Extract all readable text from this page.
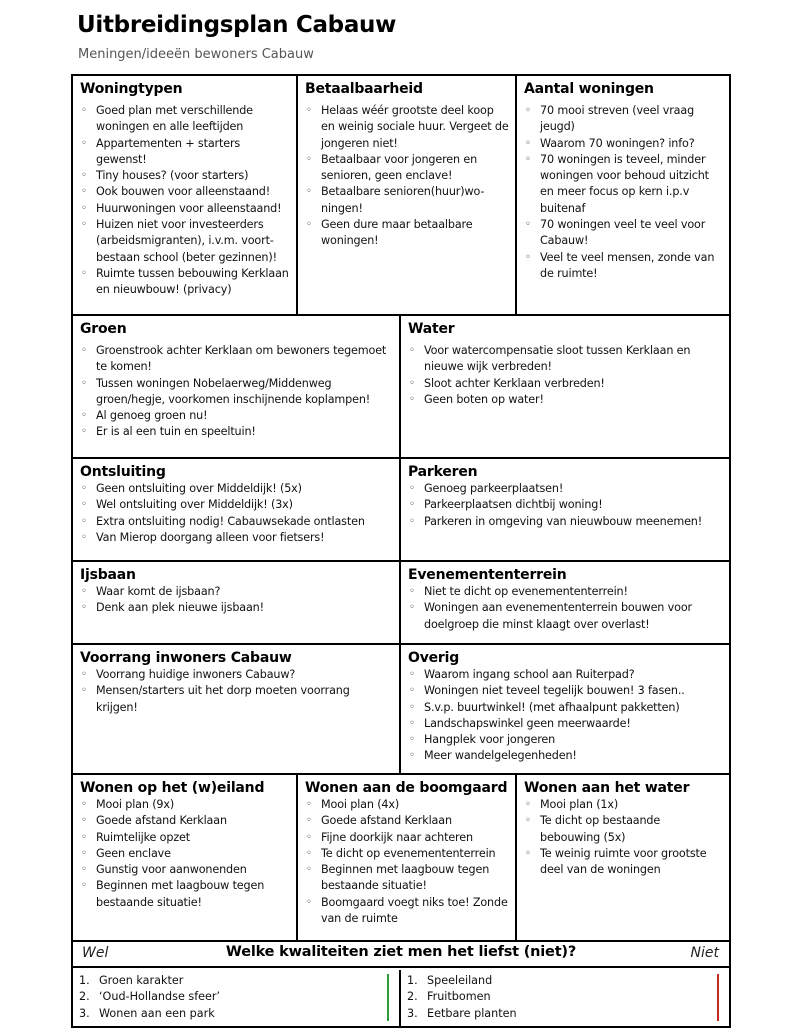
Uitbreidingsplan Cabauw
Meningen/ideeën bewoners Cabauw
Woningtypen
◦ Goed plan met verschillende woningen en alle leeftijden
◦ Appartementen + starters gewenst!
◦ Tiny houses? (voor starters)
◦ Ook bouwen voor alleenstaand!
◦ Huurwoningen voor alleenstaand!
◦ Huizen niet voor investeerders (arbeidsmigranten), i.v.m. voort-bestaan school (beter gezinnen)!
◦ Ruimte tussen bebouwing Kerklaan en nieuwbouw! (privacy)
Betaalbaarheid
◦ Helaas wéér grootste deel koop en weinig sociale huur. Vergeet de jongeren niet!
◦ Betaalbaar voor jongeren en senioren, geen enclave!
◦ Betaalbare senioren(huur)wo-ningen!
◦ Geen dure maar betaalbare woningen!
Aantal woningen
◦ 70 mooi streven (veel vraag jeugd)
◦ Waarom 70 woningen? info?
◦ 70 woningen is teveel, minder woningen voor behoud uitzicht en meer focus op kern i.p.v buitenaf
◦ 70 woningen veel te veel voor Cabauw!
◦ Veel te veel mensen, zonde van de ruimte!
Groen
◦ Groenstrook achter Kerklaan om bewoners tegemoet te komen!
◦ Tussen woningen Nobelaerweg/Middenweg groen/hegje, voorkomen inschijnende koplampen!
◦ Al genoeg groen nu!
◦ Er is al een tuin en speeltuin!
Water
◦ Voor watercompensatie sloot tussen Kerklaan en nieuwe wijk verbreden!
◦ Sloot achter Kerklaan verbreden!
◦ Geen boten op water!
Ontsluiting
◦ Geen ontsluiting over Middeldijk! (5x)
◦ Wel ontsluiting over Middeldijk! (3x)
◦ Extra ontsluiting nodig! Cabauwsekade ontlasten
◦ Van Mierop doorgang alleen voor fietsers!
Parkeren
◦ Genoeg parkeerplaatsen!
◦ Parkeerplaatsen dichtbij woning!
◦ Parkeren in omgeving van nieuwbouw meenemen!
Ijsbaan
◦ Waar komt de ijsbaan?
◦ Denk aan plek nieuwe ijsbaan!
Evenemententerrein
◦ Niet te dicht op evenemententerrein!
◦ Woningen aan evenemententerrein bouwen voor doelgroep die minst klaagt over overlast!
Voorrang inwoners Cabauw
◦ Voorrang huidige inwoners Cabauw?
◦ Mensen/starters uit het dorp moeten voorrang krijgen!
Overig
◦ Waarom ingang school aan Ruiterpad?
◦ Woningen niet teveel tegelijk bouwen! 3 fasen..
◦ S.v.p. buurtwinkel! (met afhaalpunt pakketten)
◦ Landschapswinkel geen meerwaarde!
◦ Hangplek voor jongeren
◦ Meer wandelgelegenheden!
Wonen op het (w)eiland
◦ Mooi plan (9x)
◦ Goede afstand Kerklaan
◦ Ruimtelijke opzet
◦ Geen enclave
◦ Gunstig voor aanwonenden
◦ Beginnen met laagbouw tegen bestaande situatie!
Wonen aan de boomgaard
◦ Mooi plan (4x)
◦ Goede afstand Kerklaan
◦ Fijne doorkijk naar achteren
◦ Te dicht op evenemententerrein
◦ Beginnen met laagbouw tegen bestaande situatie!
◦ Boomgaard voegt niks toe! Zonde van de ruimte
Wonen aan het water
◦ Mooi plan (1x)
◦ Te dicht op bestaande bebouwing (5x)
◦ Te weinig ruimte voor grootste deel van de woningen
Wel	Welke kwaliteiten ziet men het liefst (niet)?	Niet
1. Groen karakter
2. ‘Oud-Hollandse sfeer’
3. Wonen aan een park
1. Speeleiland
2. Fruitbomen
3. Eetbare planten
